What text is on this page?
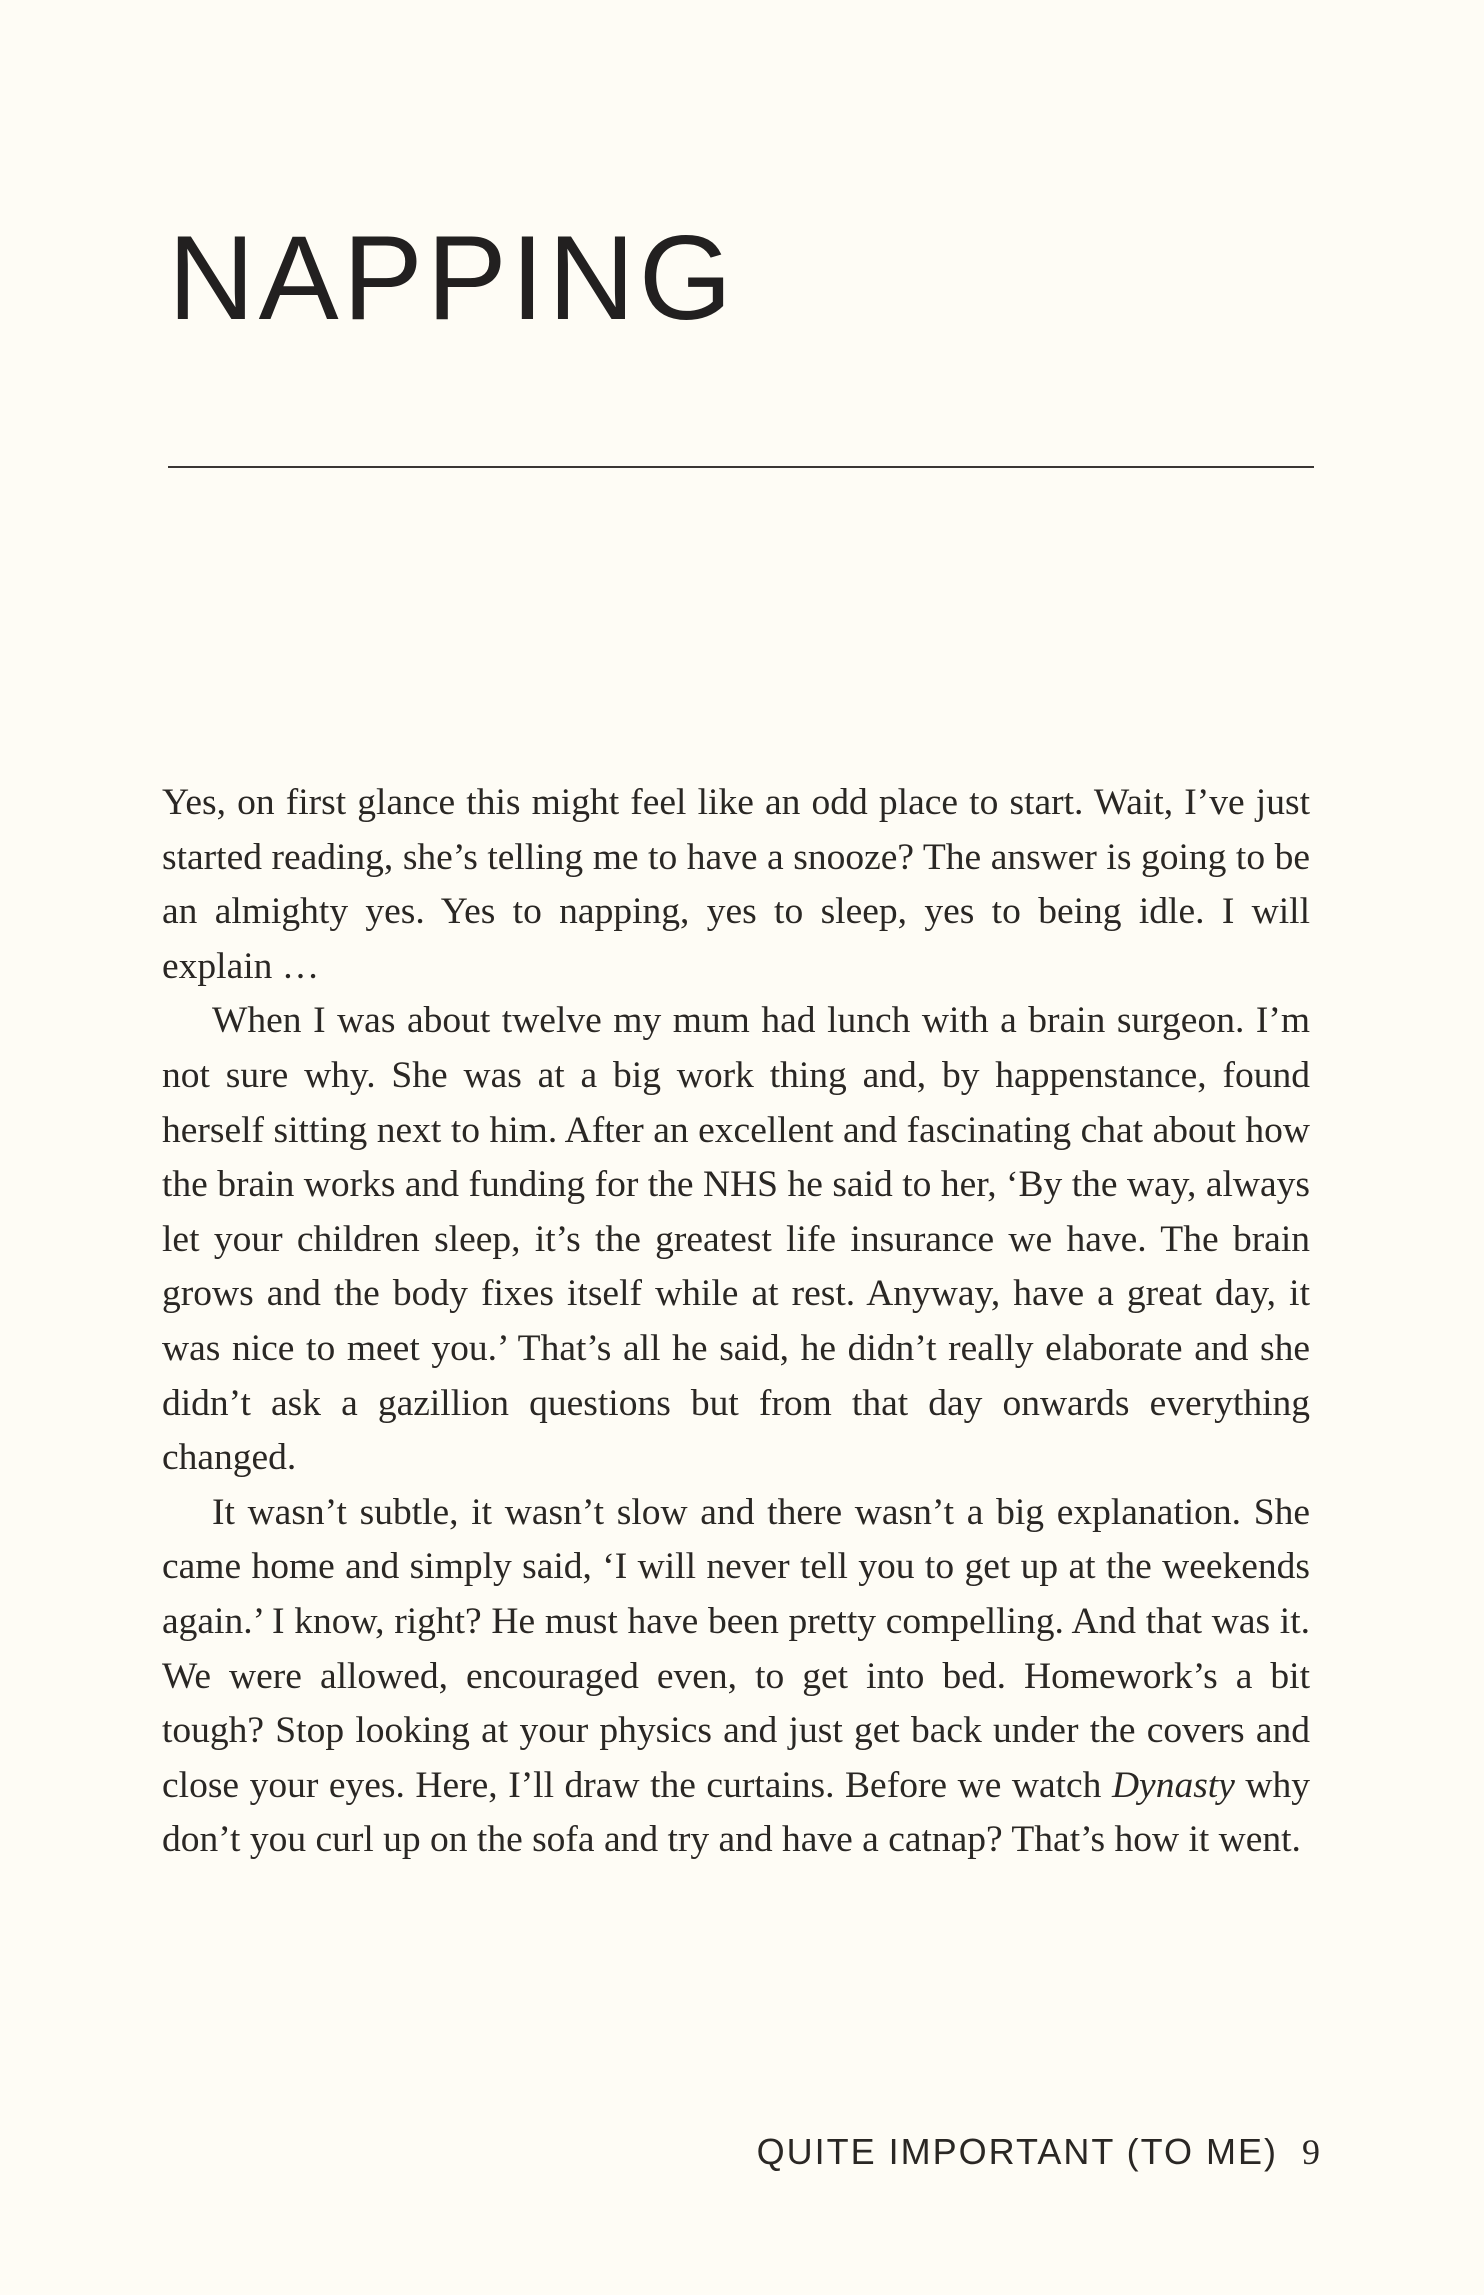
NAPPING

Yes, on first glance this might feel like an odd place to start. Wait, I’ve just started reading, she’s telling me to have a snooze? The answer is going to be an almighty yes. Yes to napping, yes to sleep, yes to being idle. I will explain …

When I was about twelve my mum had lunch with a brain surgeon. I’m not sure why. She was at a big work thing and, by happenstance, found herself sitting next to him. After an excellent and fascinating chat about how the brain works and funding for the NHS he said to her, ‘By the way, always let your children sleep, it’s the greatest life insurance we have. The brain grows and the body fixes itself while at rest. Anyway, have a great day, it was nice to meet you.’ That’s all he said, he didn’t really elaborate and she didn’t ask a gazillion questions but from that day onwards everything changed.

It wasn’t subtle, it wasn’t slow and there wasn’t a big explanation. She came home and simply said, ‘I will never tell you to get up at the weekends again.’ I know, right? He must have been pretty compelling. And that was it. We were allowed, encouraged even, to get into bed. Homework’s a bit tough? Stop looking at your physics and just get back under the covers and close your eyes. Here, I’ll draw the curtains. Before we watch Dynasty why don’t you curl up on the sofa and try and have a catnap? That’s how it went.

QUITE IMPORTANT (TO ME) 9
